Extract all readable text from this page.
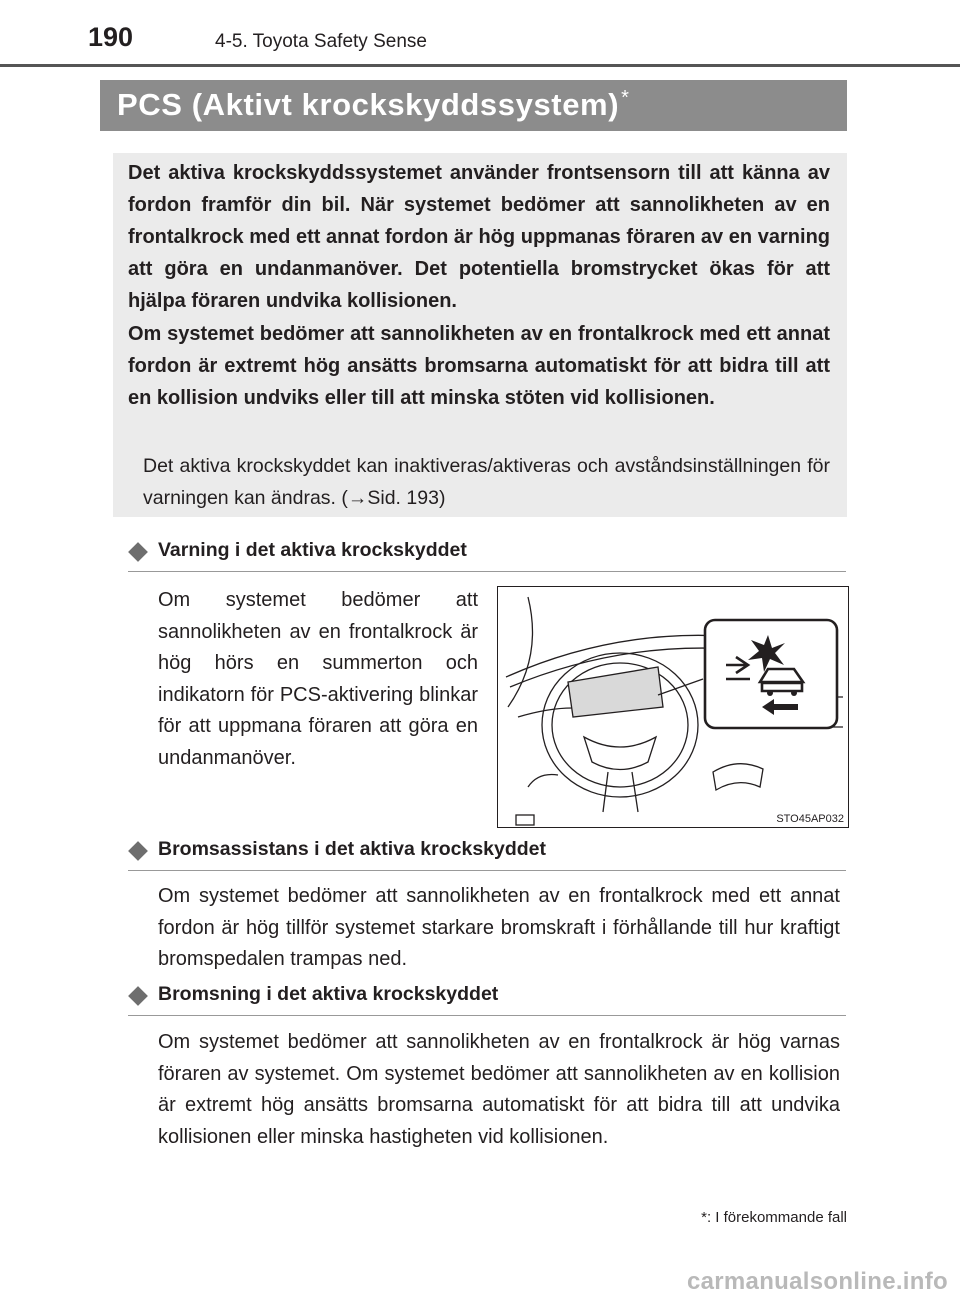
190	4-5. Toyota Safety Sense
PCS (Aktivt krockskyddssystem) *

Det aktiva krockskyddssystemet använder frontsensorn till att känna av fordon framför din bil. När systemet bedömer att sannolikheten av en frontalkrock med ett annat fordon är hög uppmanas föraren av en varning att göra en undanmanöver. Det potentiella bromstrycket ökas för att hjälpa föraren undvika kollisionen.

Om systemet bedömer att sannolikheten av en frontalkrock med ett annat fordon är extremt hög ansätts bromsarna automatiskt för att bidra till att en kollision undviks eller till att minska stöten vid kollisionen.

Det aktiva krockskyddet kan inaktiveras/aktiveras och avståndsinställningen för varningen kan ändras. (→Sid. 193)

Varning i det aktiva krockskyddet

Om systemet bedömer att sannolikheten av en frontalkrock är hög hörs en summerton och indikatorn för PCS-aktivering blinkar för att uppmana föraren att göra en undanmanöver.

STO45AP032
Bromsassistans i det aktiva krockskyddet

Om systemet bedömer att sannolikheten av en frontalkrock med ett annat fordon är hög tillför systemet starkare bromskraft i förhållande till hur kraftigt bromspedalen trampas ned.

Bromsning i det aktiva krockskyddet

Om systemet bedömer att sannolikheten av en frontalkrock är hög varnas föraren av systemet. Om systemet bedömer att sannolikheten av en kollision är extremt hög ansätts bromsarna automatiskt för att bidra till att undvika kollisionen eller minska hastigheten vid kollisionen.

*: I förekommande fall
carmanualsonline.info
